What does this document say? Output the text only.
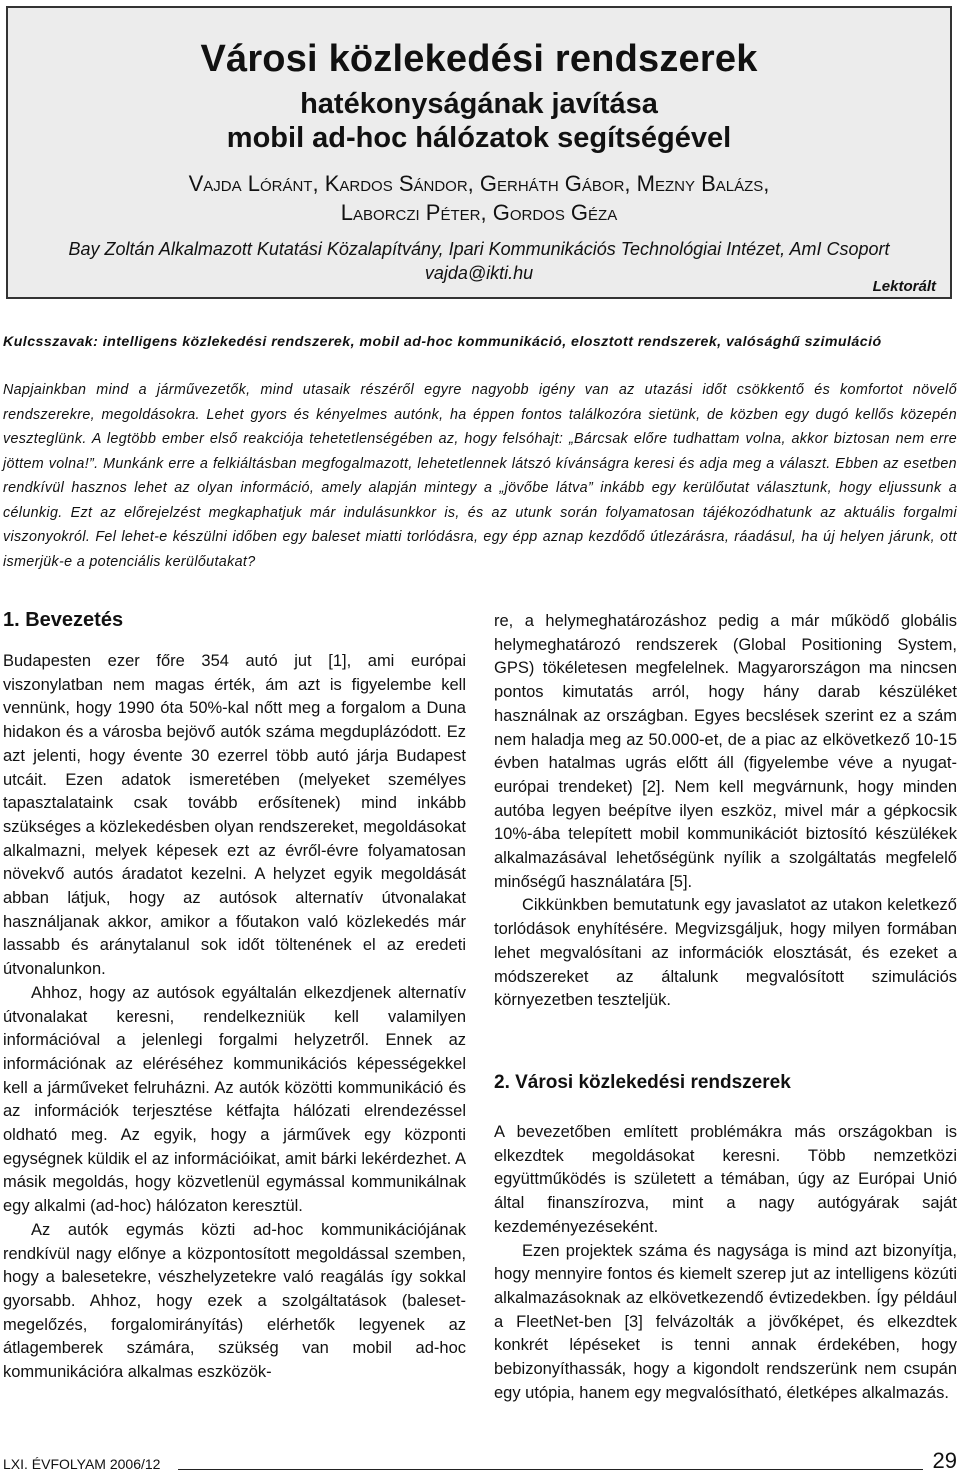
Városi közlekedési rendszerek
hatékonyságának javítása
mobil ad-hoc hálózatok segítségével
Vajda Lóránt, Kardos Sándor, Gerháth Gábor, Mezny Balázs,
Laborczi Péter, Gordos Géza
Bay Zoltán Alkalmazott Kutatási Közalapítvány, Ipari Kommunikációs Technológiai Intézet, AmI Csoport
vajda@ikti.hu
Lektorált
Kulcsszavak: intelligens közlekedési rendszerek, mobil ad-hoc kommunikáció, elosztott rendszerek, valósághű szimuláció

Napjainkban mind a járművezetők, mind utasaik részéről egyre nagyobb igény van az utazási időt csökkentő és komfortot növelő rendszerekre, megoldásokra. Lehet gyors és kényelmes autónk, ha éppen fontos találkozóra sietünk, de közben egy dugó kellős közepén veszteglünk. A legtöbb ember első reakciója tehetetlenségében az, hogy felsóhajt: „Bárcsak előre tudhattam volna, akkor biztosan nem erre jöttem volna!”. Munkánk erre a felkiáltásban megfogalmazott, lehetetlennek látszó kívánságra keresi és adja meg a választ. Ebben az esetben rendkívül hasznos lehet az olyan információ, amely alapján mintegy a „jövőbe látva” inkább egy kerülőutat választunk, hogy eljussunk a célunkig. Ezt az előrejelzést megkaphatjuk már indulásunkkor is, és az utunk során folyamatosan tájékozódhatunk az aktuális forgalmi viszonyokról. Fel lehet-e készülni időben egy baleset miatti torlódásra, egy épp aznap kezdődő útlezárásra, ráadásul, ha új helyen járunk, ott ismerjük-e a potenciális kerülőutakat?

1. Bevezetés

Budapesten ezer főre 354 autó jut [1], ami európai viszonylatban nem magas érték, ám azt is figyelembe kell vennünk, hogy 1990 óta 50%-kal nőtt meg a forgalom a Duna hidakon és a városba bejövő autók száma megduplázódott. Ez azt jelenti, hogy évente 30 ezerrel több autó járja Budapest utcáit. Ezen adatok ismeretében (melyeket személyes tapasztalataink csak tovább erősítenek) mind inkább szükséges a közlekedésben olyan rendszereket, megoldásokat alkalmazni, melyek képesek ezt az évről-évre folyamatosan növekvő autós áradatot kezelni. A helyzet egyik megoldását abban látjuk, hogy az autósok alternatív útvonalakat használjanak akkor, amikor a főutakon való közlekedés már lassabb és aránytalanul sok időt töltenének el az eredeti útvonalunkon.

Ahhoz, hogy az autósok egyáltalán elkezdjenek alternatív útvonalakat keresni, rendelkezniük kell valamilyen információval a jelenlegi forgalmi helyzetről. Ennek az információnak az eléréséhez kommunikációs képességekkel kell a járműveket felruházni. Az autók közötti kommunikáció és az információk terjesztése kétfajta hálózati elrendezéssel oldható meg. Az egyik, hogy a járművek egy központi egységnek küldik el az információikat, amit bárki lekérdezhet. A másik megoldás, hogy közvetlenül egymással kommunikálnak egy alkalmi (ad-hoc) hálózaton keresztül.

Az autók egymás közti ad-hoc kommunikációjának rendkívül nagy előnye a központosított megoldással szemben, hogy a balesetekre, vészhelyzetekre való reagálás így sokkal gyorsabb. Ahhoz, hogy ezek a szolgáltatások (baleset-megelőzés, forgalomirányítás) elérhetők legyenek az átlagemberek számára, szükség van mobil ad-hoc kommunikációra alkalmas eszközök-

re, a helymeghatározáshoz pedig a már működő globális helymeghatározó rendszerek (Global Positioning System, GPS) tökéletesen megfelelnek. Magyarországon ma nincsen pontos kimutatás arról, hogy hány darab készüléket használnak az országban. Egyes becslések szerint ez a szám nem haladja meg az 50.000-et, de a piac az elkövetkező 10-15 évben hatalmas ugrás előtt áll (figyelembe véve a nyugat-európai trendeket) [2]. Nem kell megvárnunk, hogy minden autóba legyen beépítve ilyen eszköz, mivel már a gépkocsik 10%-ába telepített mobil kommunikációt biztosító készülékek alkalmazásával lehetőségünk nyílik a szolgáltatás megfelelő minőségű használatára [5].

Cikkünkben bemutatunk egy javaslatot az utakon keletkező torlódások enyhítésére. Megvizsgáljuk, hogy milyen formában lehet megvalósítani az információk elosztását, és ezeket a módszereket az általunk megvalósított szimulációs környezetben teszteljük.

2. Városi közlekedési rendszerek

A bevezetőben említett problémákra más országokban is elkezdtek megoldásokat keresni. Több nemzetközi együttműködés is született a témában, úgy az Európai Unió által finanszírozva, mint a nagy autógyárak saját kezdeményezéseként.

Ezen projektek száma és nagysága is mind azt bizonyítja, hogy mennyire fontos és kiemelt szerep jut az intelligens közúti alkalmazásoknak az elkövetkezendő évtizedekben. Így például a FleetNet-ben [3] felvázolták a jövőképet, és elkezdtek konkrét lépéseket is tenni annak érdekében, hogy bebizonyíthassák, hogy a kigondolt rendszerünk nem csupán egy utópia, hanem egy megvalósítható, életképes alkalmazás.

LXI. ÉVFOLYAM 2006/12	29
